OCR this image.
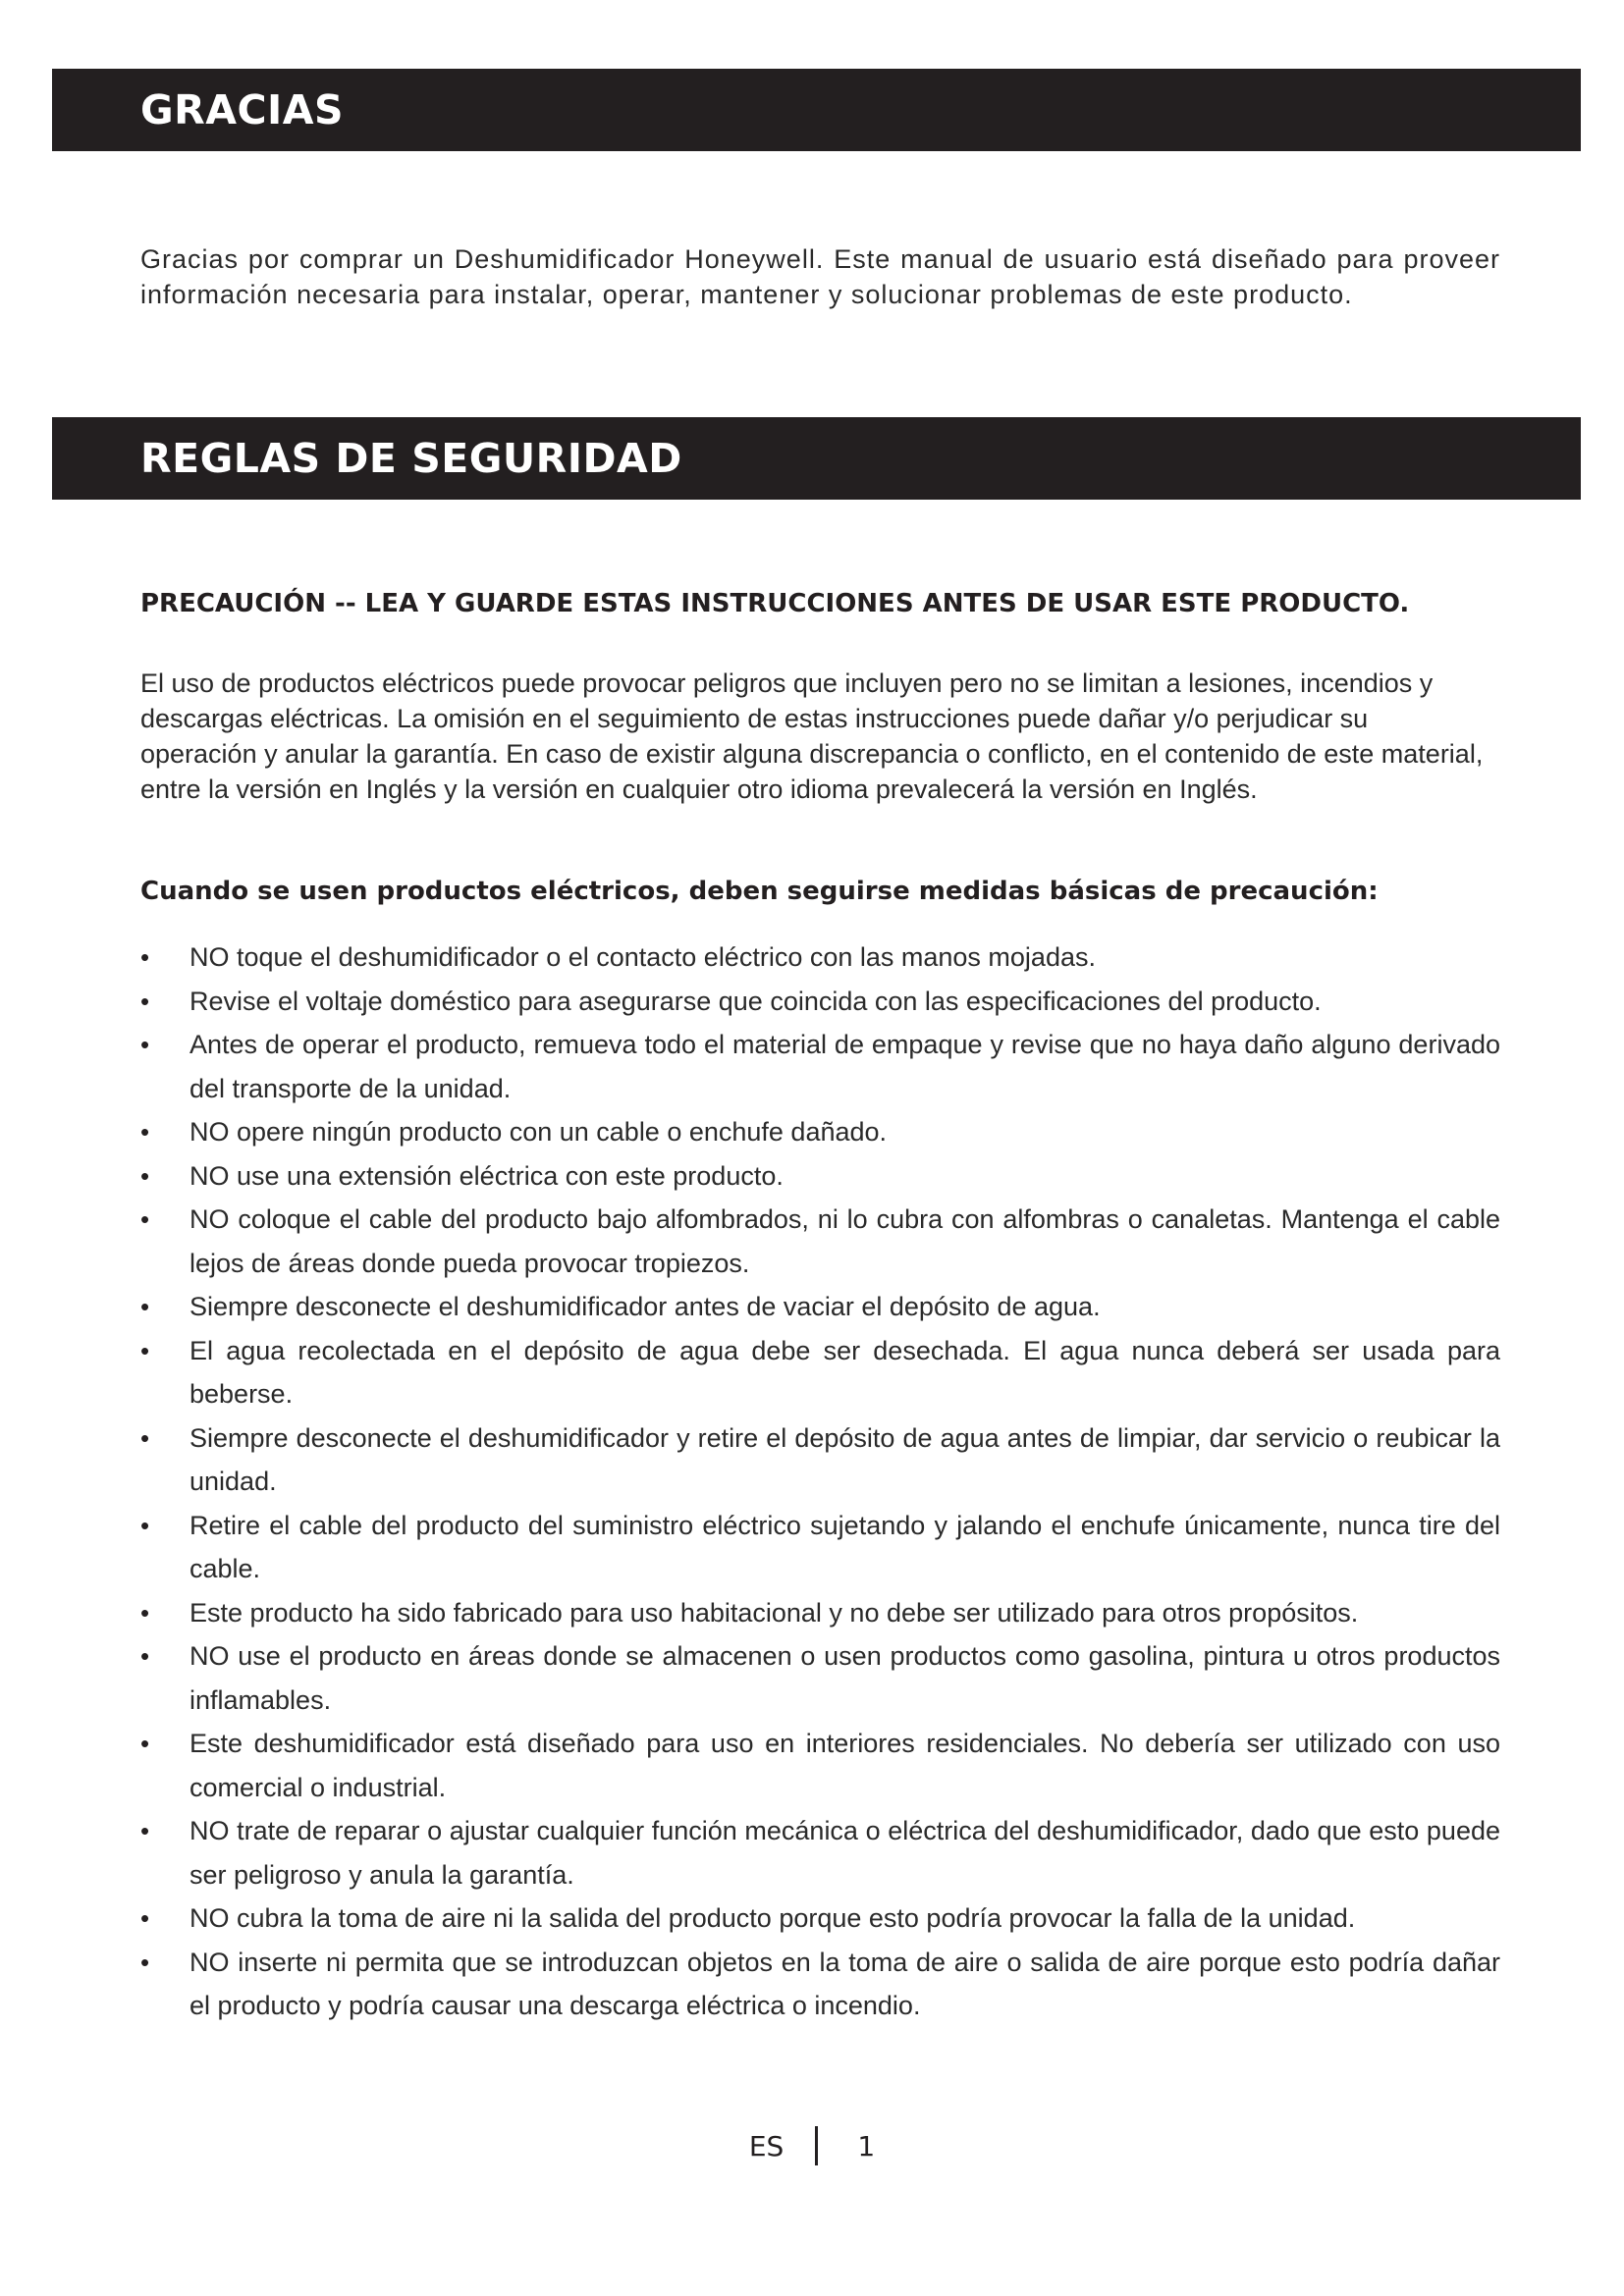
GRACIAS

Gracias por comprar un Deshumidificador Honeywell. Este manual de usuario está diseñado para proveer información necesaria para instalar, operar, mantener y solucionar problemas de este producto.

REGLAS DE SEGURIDAD

PRECAUCIÓN -- LEA Y GUARDE ESTAS INSTRUCCIONES ANTES DE USAR ESTE PRODUCTO.

El uso de productos eléctricos puede provocar peligros que incluyen pero no se limitan a lesiones, incendios y descargas eléctricas. La omisión en el seguimiento de estas instrucciones puede dañar y/o perjudicar su operación y anular la garantía. En caso de existir alguna discrepancia o conflicto, en el contenido de este material, entre la versión en Inglés y la versión en cualquier otro idioma prevalecerá la versión en Inglés.

Cuando se usen productos eléctricos, deben seguirse medidas básicas de precaución:

• NO toque el deshumidificador o el contacto eléctrico con las manos mojadas.
• Revise el voltaje doméstico para asegurarse que coincida con las especificaciones del producto.
• Antes de operar el producto, remueva todo el material de empaque y revise que no haya daño alguno derivado del transporte de la unidad.
• NO opere ningún producto con un cable o enchufe dañado.
• NO use una extensión eléctrica con este producto.
• NO coloque el cable del producto bajo alfombrados, ni lo cubra con alfombras o canaletas. Mantenga el cable lejos de áreas donde pueda provocar tropiezos.
• Siempre desconecte el deshumidificador antes de vaciar el depósito de agua.
• El agua recolectada en el depósito de agua debe ser desechada. El agua nunca deberá ser usada para beberse.
• Siempre desconecte el deshumidificador y retire el depósito de agua antes de limpiar, dar servicio o reubicar la unidad.
• Retire el cable del producto del suministro eléctrico sujetando y jalando el enchufe únicamente, nunca tire del cable.
• Este producto ha sido fabricado para uso habitacional y no debe ser utilizado para otros propósitos.
• NO use el producto en áreas donde se almacenen o usen productos como gasolina, pintura u otros productos inflamables.
• Este deshumidificador está diseñado para uso en interiores residenciales. No debería ser utilizado con uso comercial o industrial.
• NO trate de reparar o ajustar cualquier función mecánica o eléctrica del deshumidificador, dado que esto puede ser peligroso y anula la garantía.
• NO cubra la toma de aire ni la salida del producto porque esto podría provocar la falla de la unidad.
• NO inserte ni permita que se introduzcan objetos en la toma de aire o salida de aire porque esto podría dañar el producto y podría causar una descarga eléctrica o incendio.
ES	1
